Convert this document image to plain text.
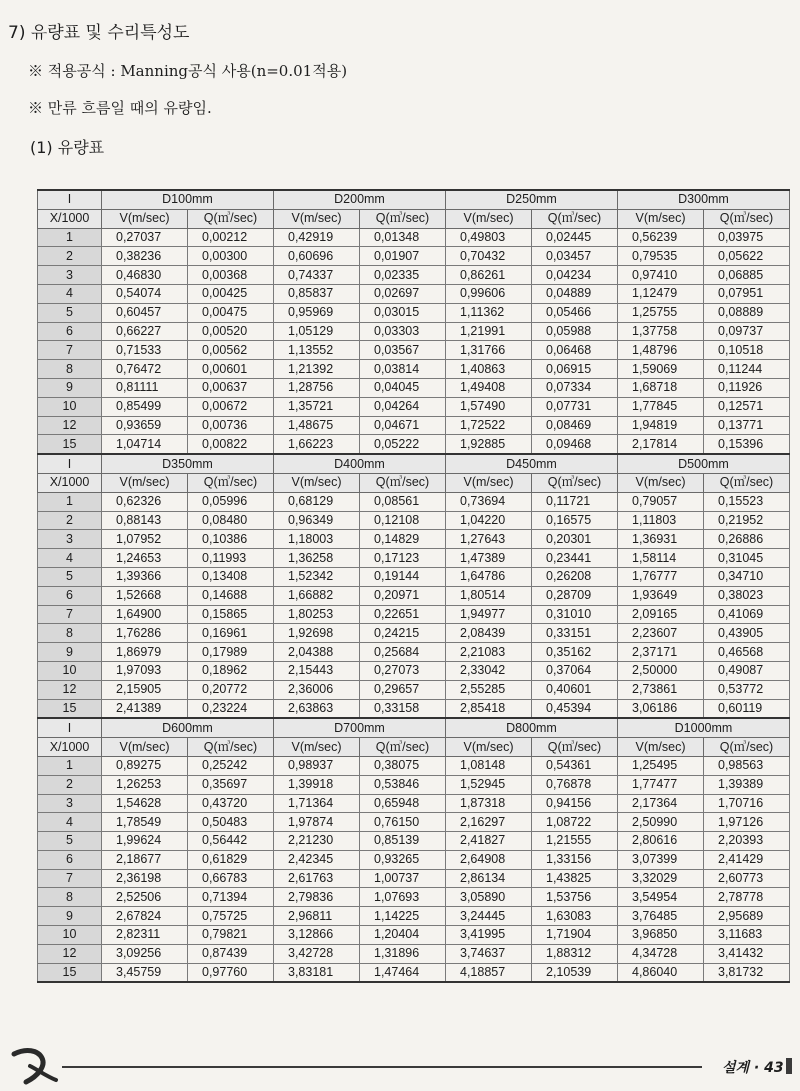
7) 유량표 및 수리특성도
※ 적용공식 : Manning공식 사용(n=0.01적용)
※ 만류 흐름일 때의 유량임.
(1) 유량표
I	D100mm		D200mm		D250mm		D300mm	
X/1000	V(m/sec)	Q(㎥/sec)	V(m/sec)	Q(㎥/sec)	V(m/sec)	Q(㎥/sec)	V(m/sec)	Q(㎥/sec)
1	0,27037	0,00212	0,42919	0,01348	0,49803	0,02445	0,56239	0,03975
2	0,38236	0,00300	0,60696	0,01907	0,70432	0,03457	0,79535	0,05622
3	0,46830	0,00368	0,74337	0,02335	0,86261	0,04234	0,97410	0,06885
4	0,54074	0,00425	0,85837	0,02697	0,99606	0,04889	1,12479	0,07951
5	0,60457	0,00475	0,95969	0,03015	1,11362	0,05466	1,25755	0,08889
6	0,66227	0,00520	1,05129	0,03303	1,21991	0,05988	1,37758	0,09737
7	0,71533	0,00562	1,13552	0,03567	1,31766	0,06468	1,48796	0,10518
8	0,76472	0,00601	1,21392	0,03814	1,40863	0,06915	1,59069	0,11244
9	0,81111	0,00637	1,28756	0,04045	1,49408	0,07334	1,68718	0,11926
10	0,85499	0,00672	1,35721	0,04264	1,57490	0,07731	1,77845	0,12571
12	0,93659	0,00736	1,48675	0,04671	1,72522	0,08469	1,94819	0,13771
15	1,04714	0,00822	1,66223	0,05222	1,92885	0,09468	2,17814	0,15396
I	D350mm		D400mm		D450mm		D500mm	
X/1000	V(m/sec)	Q(㎥/sec)	V(m/sec)	Q(㎥/sec)	V(m/sec)	Q(㎥/sec)	V(m/sec)	Q(㎥/sec)
1	0,62326	0,05996	0,68129	0,08561	0,73694	0,11721	0,79057	0,15523
2	0,88143	0,08480	0,96349	0,12108	1,04220	0,16575	1,11803	0,21952
3	1,07952	0,10386	1,18003	0,14829	1,27643	0,20301	1,36931	0,26886
4	1,24653	0,11993	1,36258	0,17123	1,47389	0,23441	1,58114	0,31045
5	1,39366	0,13408	1,52342	0,19144	1,64786	0,26208	1,76777	0,34710
6	1,52668	0,14688	1,66882	0,20971	1,80514	0,28709	1,93649	0,38023
7	1,64900	0,15865	1,80253	0,22651	1,94977	0,31010	2,09165	0,41069
8	1,76286	0,16961	1,92698	0,24215	2,08439	0,33151	2,23607	0,43905
9	1,86979	0,17989	2,04388	0,25684	2,21083	0,35162	2,37171	0,46568
10	1,97093	0,18962	2,15443	0,27073	2,33042	0,37064	2,50000	0,49087
12	2,15905	0,20772	2,36006	0,29657	2,55285	0,40601	2,73861	0,53772
15	2,41389	0,23224	2,63863	0,33158	2,85418	0,45394	3,06186	0,60119
I	D600mm		D700mm		D800mm		D1000mm	
X/1000	V(m/sec)	Q(㎥/sec)	V(m/sec)	Q(㎥/sec)	V(m/sec)	Q(㎥/sec)	V(m/sec)	Q(㎥/sec)
1	0,89275	0,25242	0,98937	0,38075	1,08148	0,54361	1,25495	0,98563
2	1,26253	0,35697	1,39918	0,53846	1,52945	0,76878	1,77477	1,39389
3	1,54628	0,43720	1,71364	0,65948	1,87318	0,94156	2,17364	1,70716
4	1,78549	0,50483	1,97874	0,76150	2,16297	1,08722	2,50990	1,97126
5	1,99624	0,56442	2,21230	0,85139	2,41827	1,21555	2,80616	2,20393
6	2,18677	0,61829	2,42345	0,93265	2,64908	1,33156	3,07399	2,41429
7	2,36198	0,66783	2,61763	1,00737	2,86134	1,43825	3,32029	2,60773
8	2,52506	0,71394	2,79836	1,07693	3,05890	1,53756	3,54954	2,78778
9	2,67824	0,75725	2,96811	1,14225	3,24445	1,63083	3,76485	2,95689
10	2,82311	0,79821	3,12866	1,20404	3,41995	1,71904	3,96850	3,11683
12	3,09256	0,87439	3,42728	1,31896	3,74637	1,88312	4,34728	3,41432
15	3,45759	0,97760	3,83181	1,47464	4,18857	2,10539	4,86040	3,81732
설계 · 43
